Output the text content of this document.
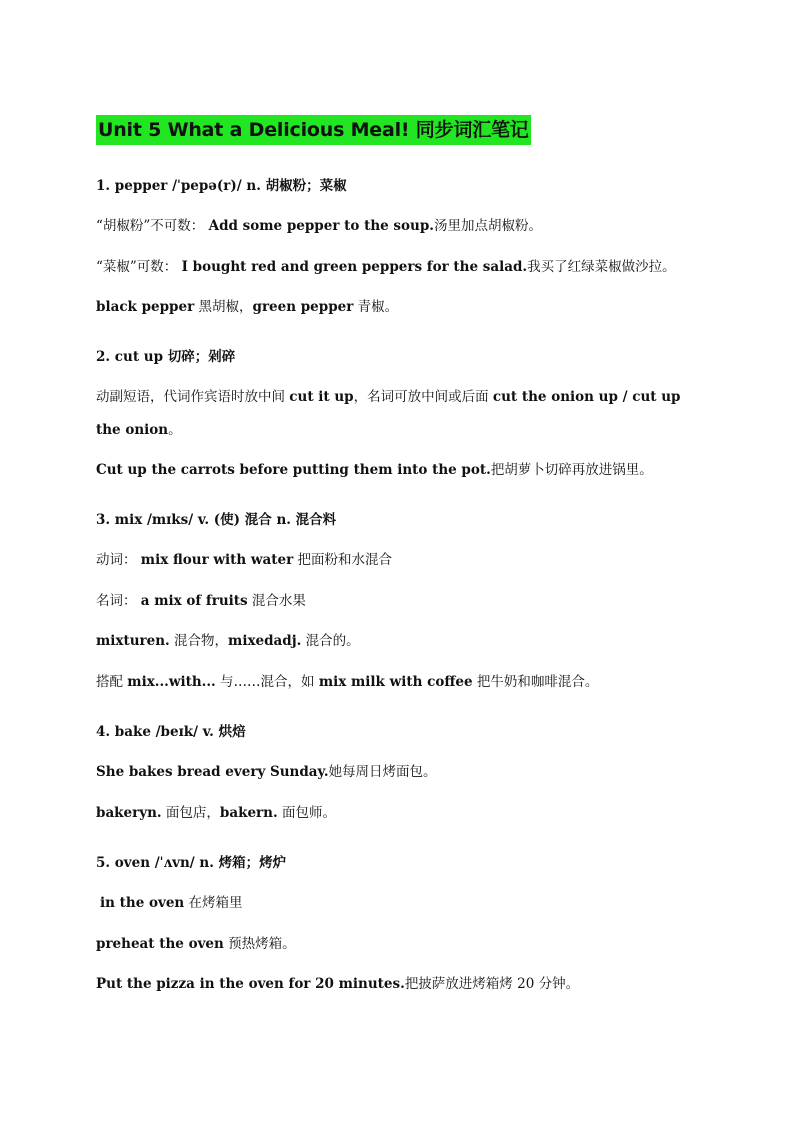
Unit 5 What a Delicious Meal! 同步词汇笔记
1. pepper /ˈpepə(r)/ n. 胡椒粉；菜椒
“胡椒粉”不可数： Add some pepper to the soup.汤里加点胡椒粉。
“菜椒”可数： I bought red and green peppers for the salad.我买了红绿菜椒做沙拉。
black pepper 黑胡椒，green pepper 青椒。
2. cut up 切碎；剁碎
动副短语，代词作宾语时放中间 cut it up，名词可放中间或后面 cut the onion up / cut up the onion。
Cut up the carrots before putting them into the pot.把胡萝卜切碎再放进锅里。
3. mix /mɪks/ v. (使) 混合 n. 混合料
动词： mix flour with water 把面粉和水混合
名词： a mix of fruits 混合水果
mixturen. 混合物，mixedadj. 混合的。
搭配 mix...with... 与……混合，如 mix milk with coffee 把牛奶和咖啡混合。
4. bake /beɪk/ v. 烘焙
She bakes bread every Sunday.她每周日烤面包。
bakeryn. 面包店，bakern. 面包师。
5. oven /ˈʌvn/ n. 烤箱；烤炉
in the oven 在烤箱里
preheat the oven 预热烤箱。
Put the pizza in the oven for 20 minutes.把披萨放进烤箱烤 20 分钟。
